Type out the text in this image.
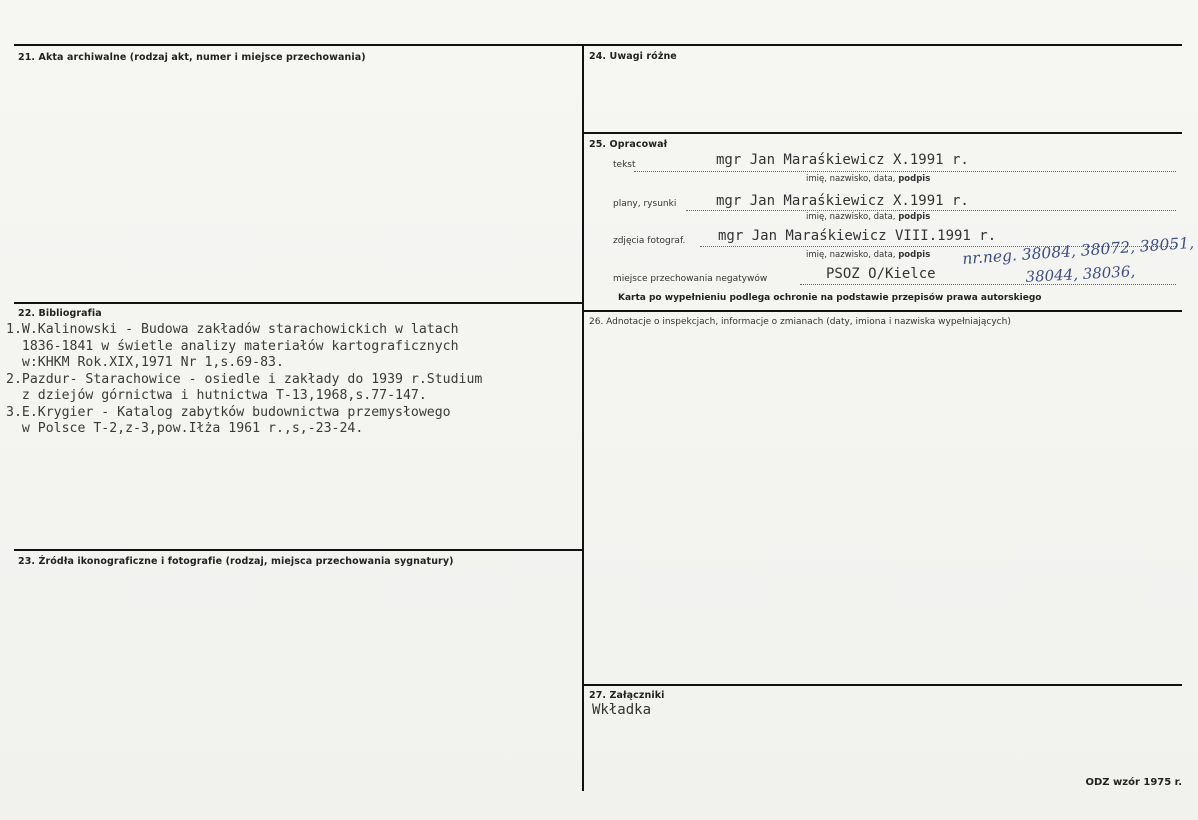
21. Akta archiwalne (rodzaj akt, numer i miejsce przechowania)
22. Bibliografia
23. Źródła ikonograficzne i fotografie (rodzaj, miejsca przechowania sygnatury)
24. Uwagi różne
25. Opracował
26. Adnotacje o inspekcjach, informacje o zmianach (daty, imiona i nazwiska wypełniających)
27. Załączniki
tekst	mgr Jan Maraśkiewicz X.1991 r.
imię, nazwisko, data, podpis
plany, rysunki	mgr Jan Maraśkiewicz X.1991 r.
imię, nazwisko, data, podpis
zdjęcia fotograf. mgr Jan Maraśkiewicz VIII.1991 r.
imię, nazwisko, data, podpis
miejsce przechowania negatywów	PSOZ O/Kielce
nr.neg. 38084, 38072, 38051,
38044, 38036,
Karta po wypełnieniu podlega ochronie na podstawie przepisów prawa autorskiego
1.W.Kalinowski - Budowa zakładów starachowickich w latach
1836-1841 w świetle analizy materiałów kartograficznych
w:KHKM Rok.XIX,1971 Nr 1,s.69-83.
2.Pazdur- Starachowice - osiedle i zakłady do 1939 r.Studium
z dziejów górnictwa i hutnictwa T-13,1968,s.77-147.
3.E.Krygier - Katalog zabytków budownictwa przemysłowego
w Polsce T-2,z-3,pow.Iłża 1961 r.,s,-23-24.
Wkładka
ODZ wzór 1975 r.
